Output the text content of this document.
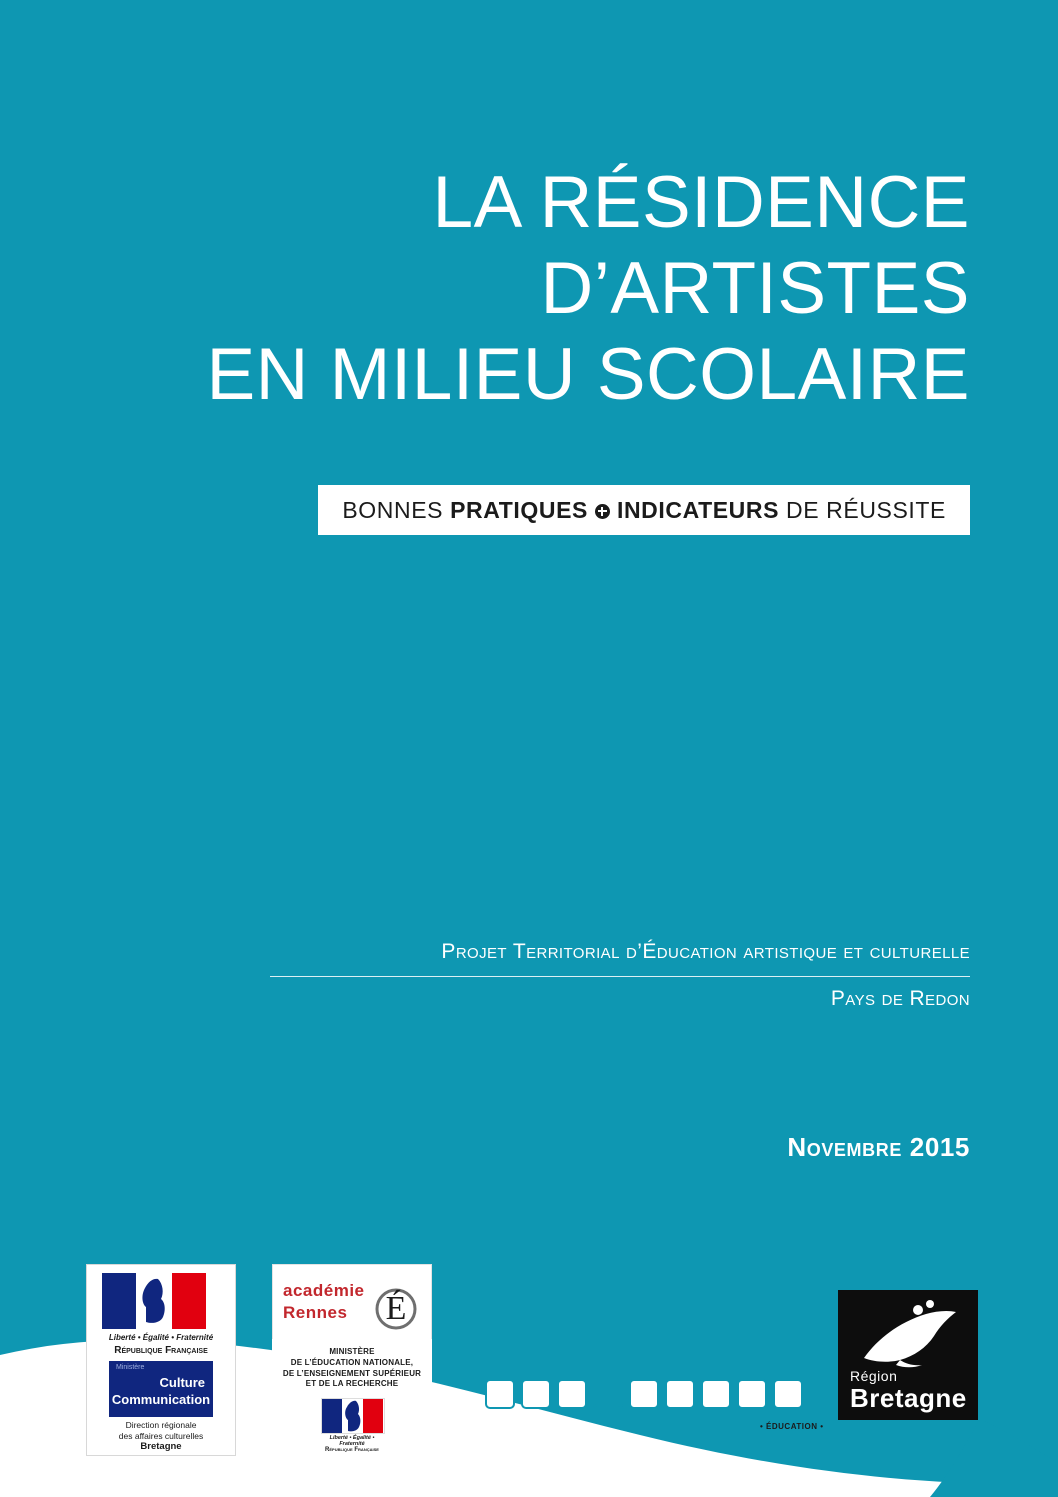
LA RÉSIDENCE
D’ARTISTES
EN MILIEU SCOLAIRE
BONNES PRATIQUES INDICATEURS DE RÉUSSITE
Projet Territorial d’Éducation artistique et culturelle
Pays de Redon
Novembre 2015
Liberté • Égalité • Fraternité
République Française
Ministère
Culture
Communication
Direction régionale
des affaires culturelles
Bretagne
académie
Rennes É
MINISTÈRE
DE L’ÉDUCATION NATIONALE,
DE L’ENSEIGNEMENT SUPÉRIEUR
ET DE LA RECHERCHE
Liberté • Égalité • Fraternité
République Française
• ÉDUCATION •
Région
Bretagne
